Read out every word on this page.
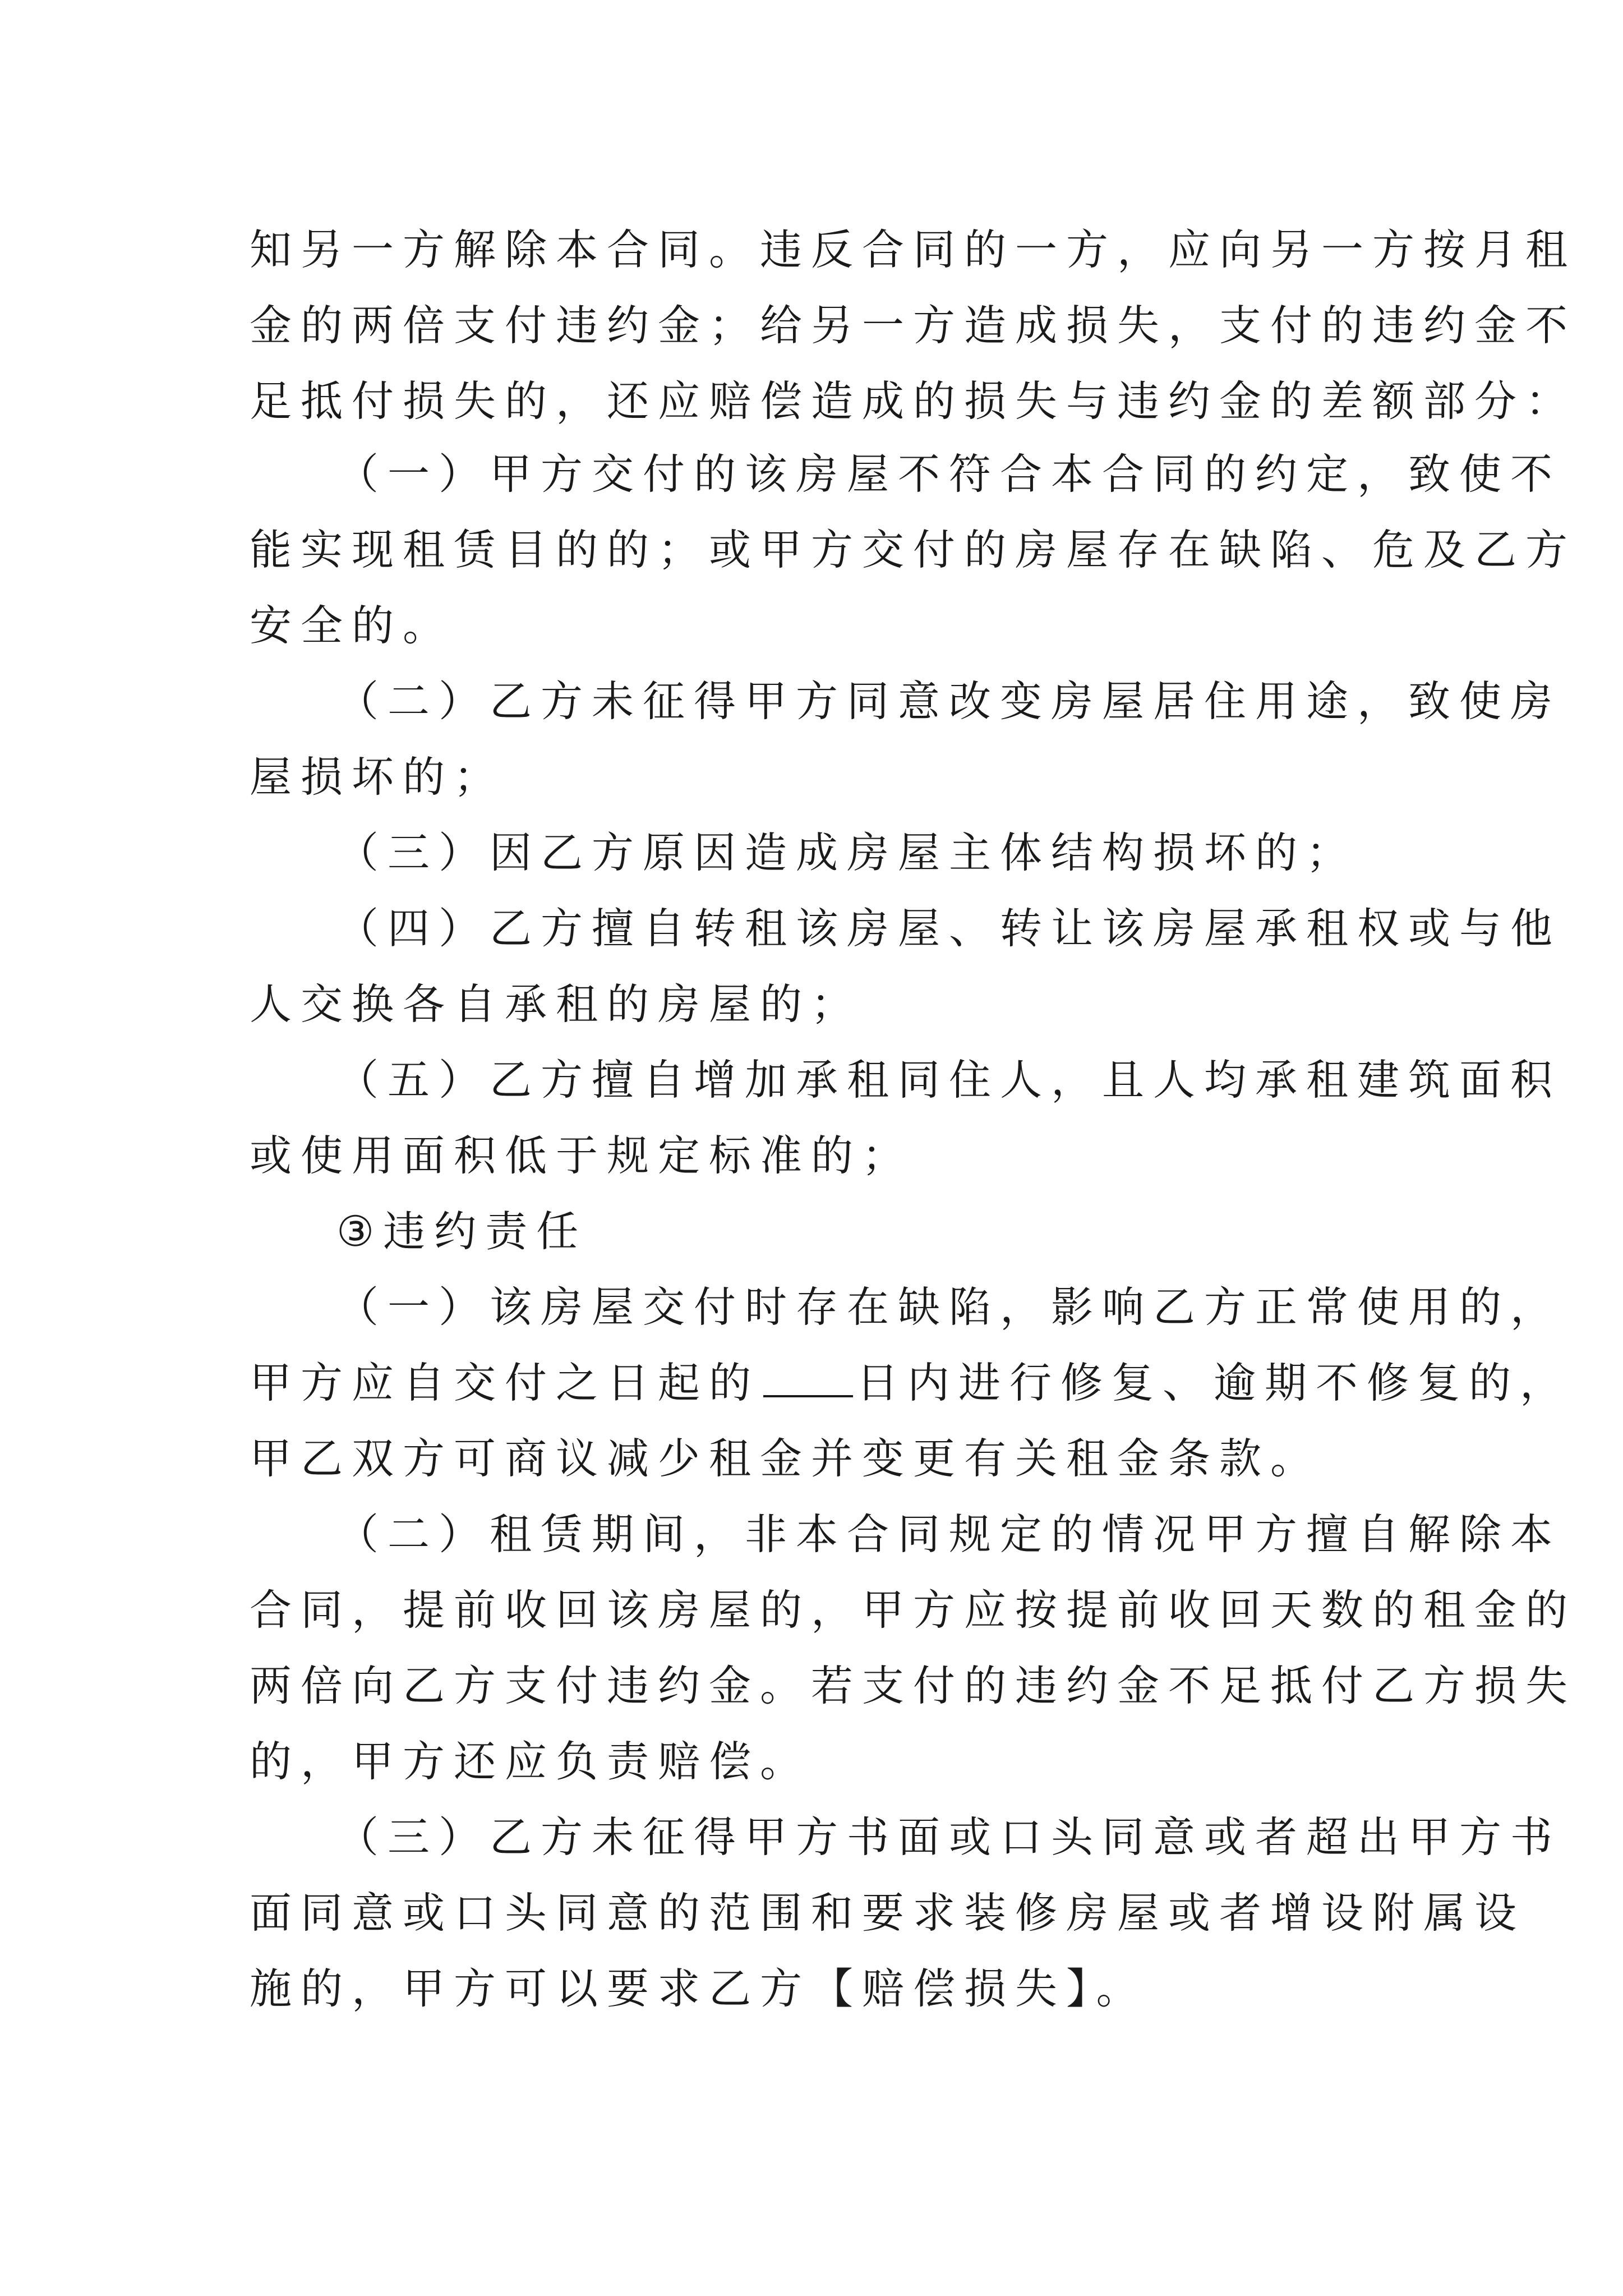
知另一方解除本合同。违反合同的一方，应向另一方按月租
金的两倍支付违约金；给另一方造成损失，支付的违约金不
足抵付损失的，还应赔偿造成的损失与违约金的差额部分：
（一）甲方交付的该房屋不符合本合同的约定，致使不
能实现租赁目的的；或甲方交付的房屋存在缺陷、危及乙方
安全的。
（二）乙方未征得甲方同意改变房屋居住用途，致使房
屋损坏的；
（三）因乙方原因造成房屋主体结构损坏的；
（四）乙方擅自转租该房屋、转让该房屋承租权或与他
人交换各自承租的房屋的；
（五）乙方擅自增加承租同住人，且人均承租建筑面积
或使用面积低于规定标准的；
③违约责任
（一）该房屋交付时存在缺陷，影响乙方正常使用的，
甲方应自交付之日起的 日内进行修复、逾期不修复的，
甲乙双方可商议减少租金并变更有关租金条款。
（二）租赁期间，非本合同规定的情况甲方擅自解除本
合同，提前收回该房屋的，甲方应按提前收回天数的租金的
两倍向乙方支付违约金。若支付的违约金不足抵付乙方损失
的，甲方还应负责赔偿。
（三）乙方未征得甲方书面或口头同意或者超出甲方书
面同意或口头同意的范围和要求装修房屋或者增设附属设
施的，甲方可以要求乙方【赔偿损失】。
